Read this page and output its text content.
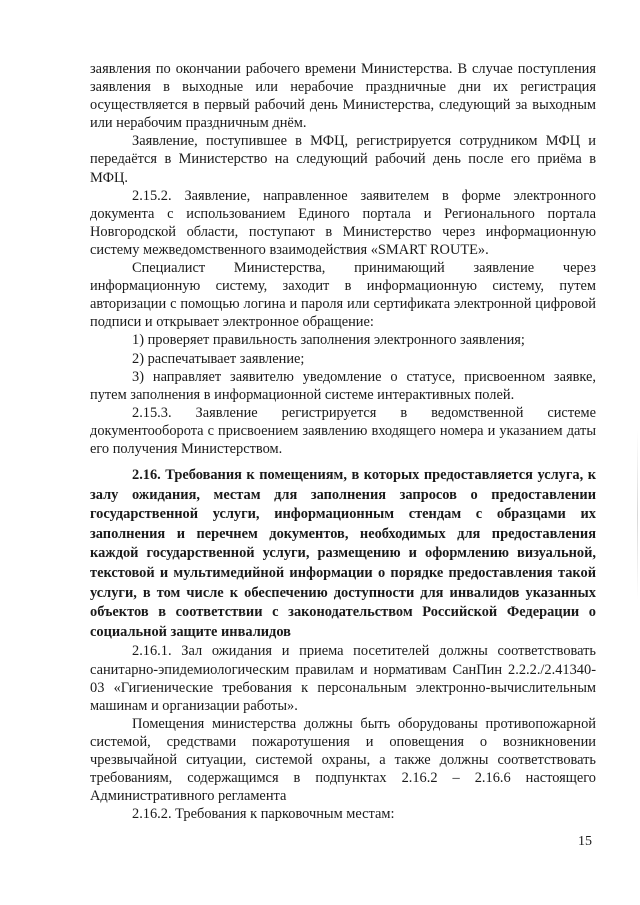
заявления по окончании рабочего времени Министерства. В случае поступления заявления в выходные или нерабочие праздничные дни их регистрация осуществляется в первый рабочий день Министерства, следующий за выходным или нерабочим праздничным днём.

Заявление, поступившее в МФЦ, регистрируется сотрудником МФЦ и передаётся в Министерство на следующий рабочий день после его приёма в МФЦ.

2.15.2. Заявление, направленное заявителем в форме электронного документа с использованием Единого портала и Регионального портала Новгородской области, поступают в Министерство через информационную систему межведомственного взаимодействия «SMART ROUTE».

Специалист Министерства, принимающий заявление через информационную систему, заходит в информационную систему, путем авторизации с помощью логина и пароля или сертификата электронной цифровой подписи и открывает электронное обращение:

1) проверяет правильность заполнения электронного заявления;

2) распечатывает заявление;

3) направляет заявителю уведомление о статусе, присвоенном заявке, путем заполнения в информационной системе интерактивных полей.

2.15.3. Заявление регистрируется в ведомственной системе документооборота с присвоением заявлению входящего номера и указанием даты его получения Министерством.

2.16. Требования к помещениям, в которых предоставляется услуга, к залу ожидания, местам для заполнения запросов о предоставлении государственной услуги, информационным стендам с образцами их заполнения и перечнем документов, необходимых для предоставления каждой государственной услуги, размещению и оформлению визуальной, текстовой и мультимедийной информации о порядке предоставления такой услуги, в том числе к обеспечению доступности для инвалидов указанных объектов в соответствии с законодательством Российской Федерации о социальной защите инвалидов

2.16.1. Зал ожидания и приема посетителей должны соответствовать санитарно-эпидемиологическим правилам и нормативам СанПин 2.2.2./2.41340-03 «Гигиенические требования к персональным электронно-вычислительным машинам и организации работы».

Помещения министерства должны быть оборудованы противопожарной системой, средствами пожаротушения и оповещения о возникновении чрезвычайной ситуации, системой охраны, а также должны соответствовать требованиям, содержащимся в подпунктах 2.16.2 – 2.16.6 настоящего Административного регламента

2.16.2. Требования к парковочным местам:

15
